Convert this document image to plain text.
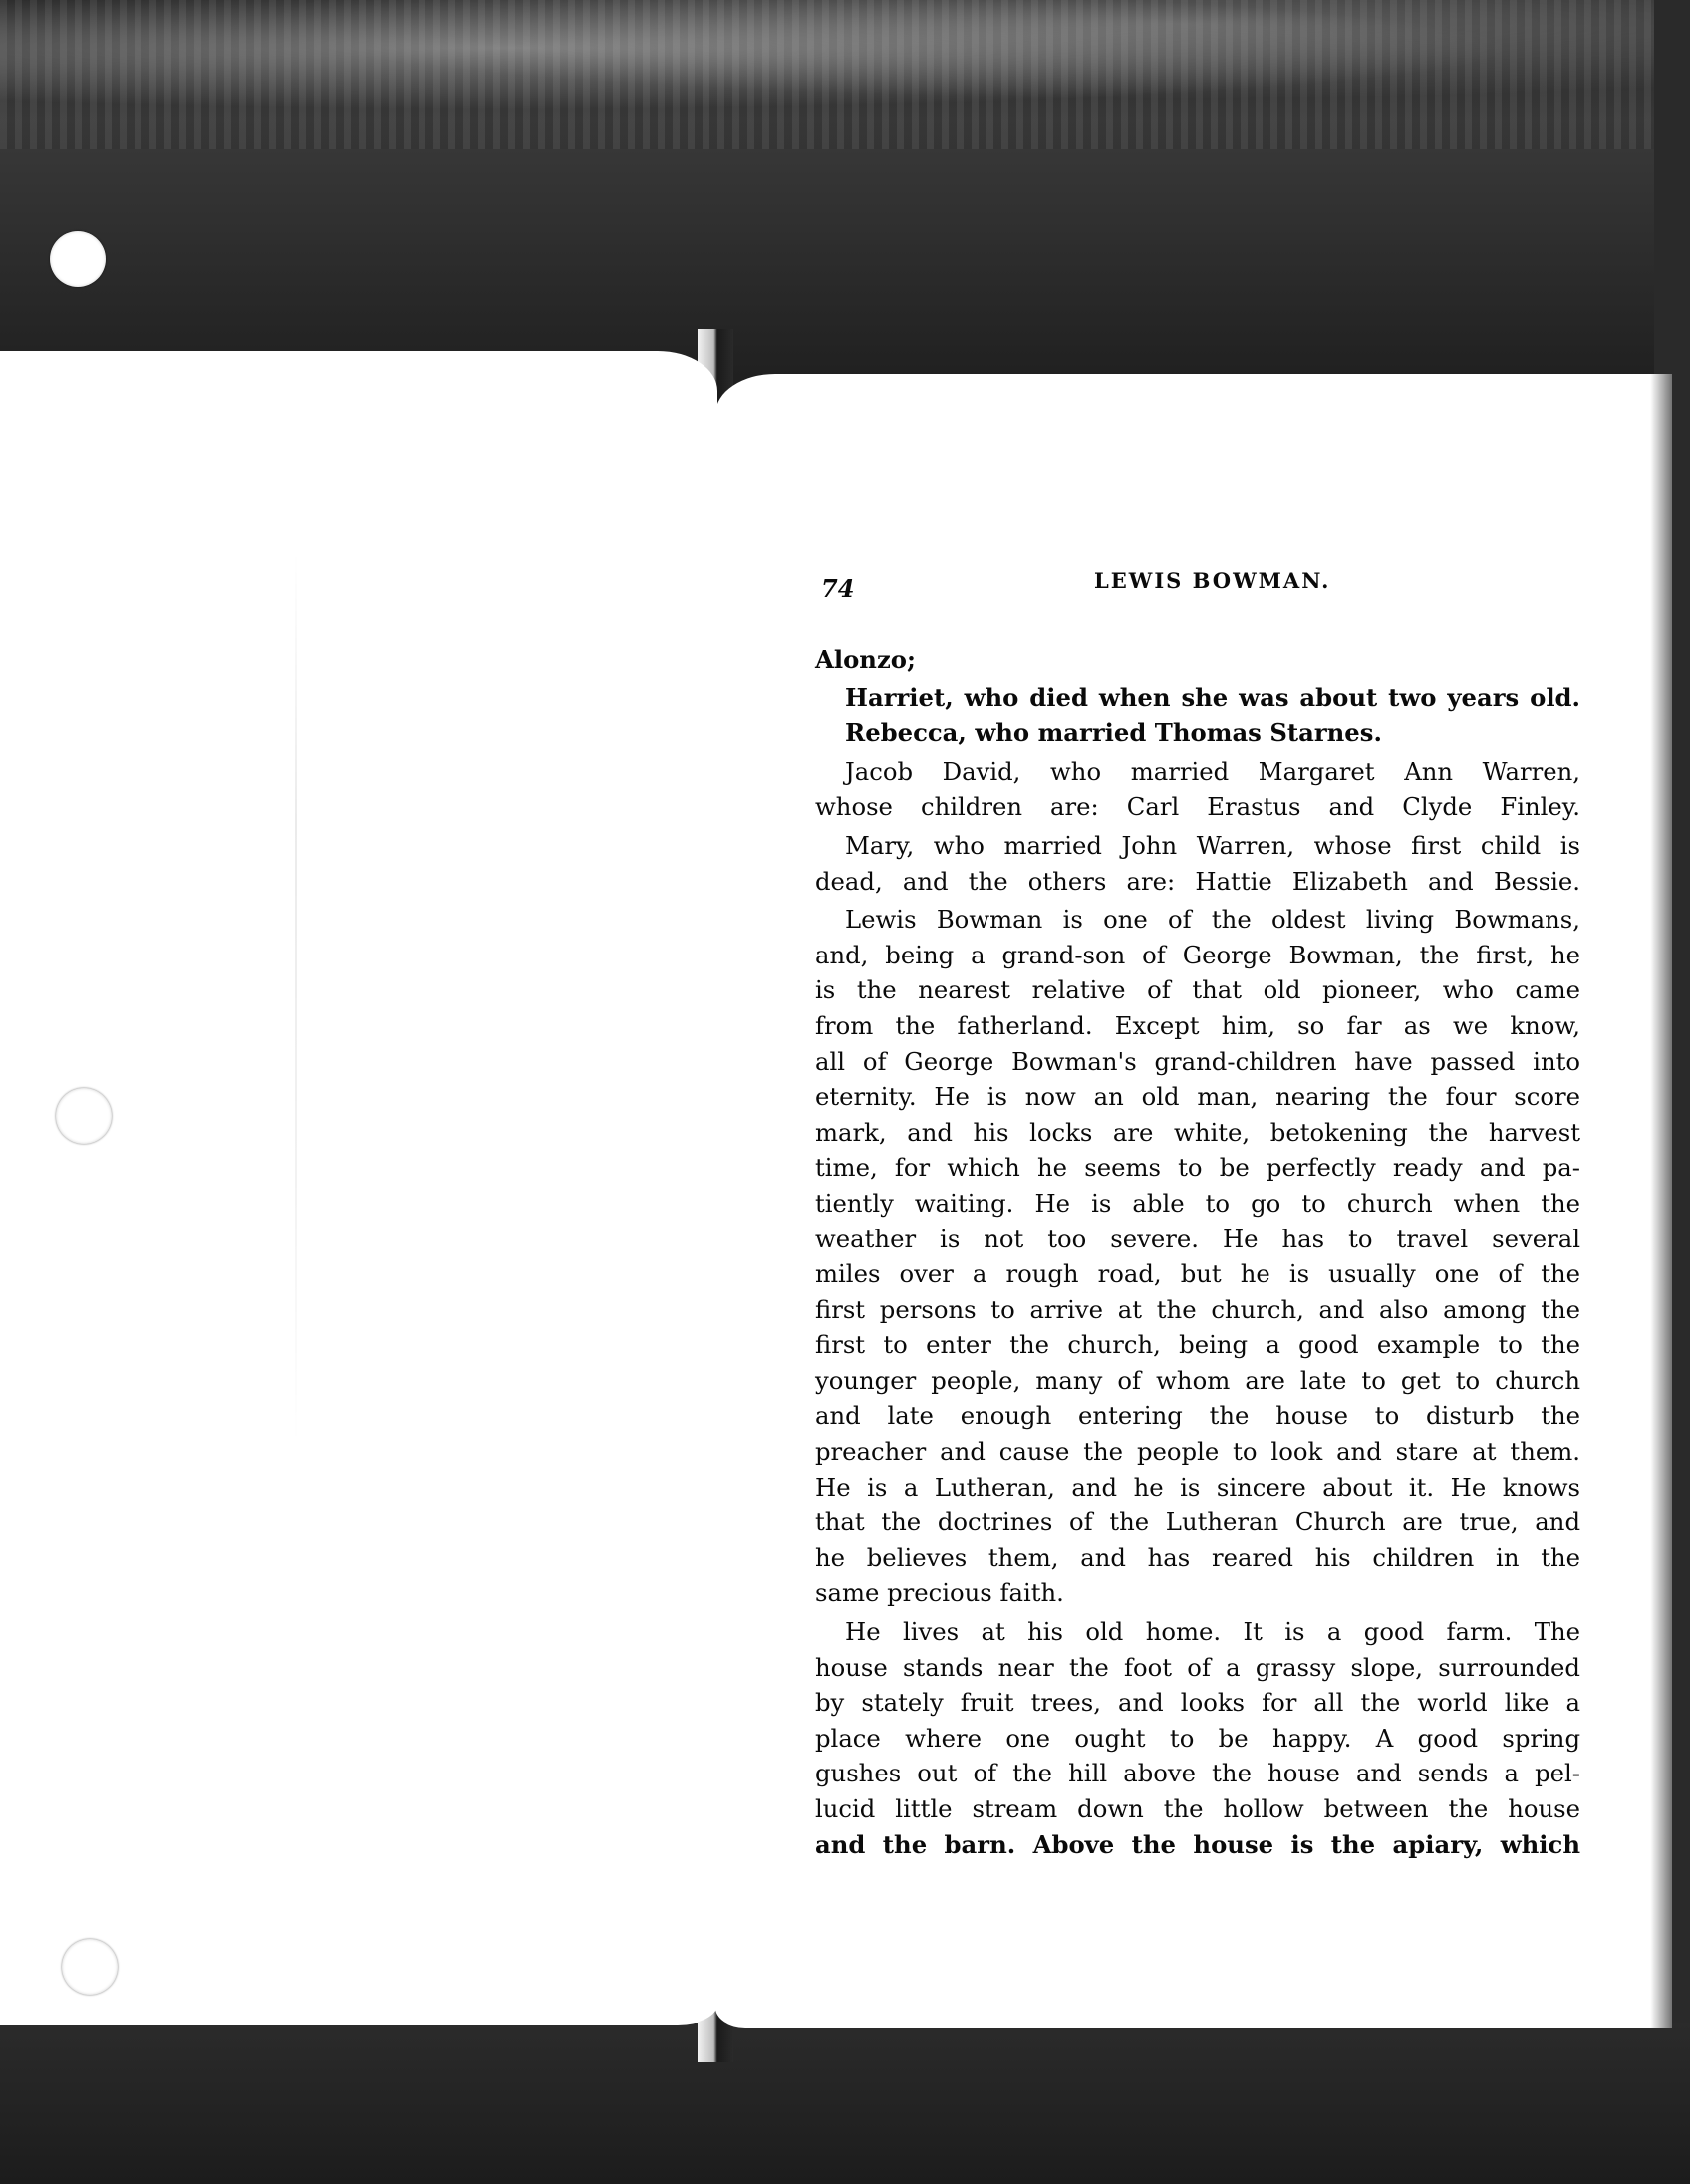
74	LEWIS BOWMAN.
Alonzo;
Harriet, who died when she was about two years old.
Rebecca, who married Thomas Starnes.
Jacob David, who married Margaret Ann Warren,
whose children are: Carl Erastus and Clyde Finley.
Mary, who married John Warren, whose first child is
dead, and the others are: Hattie Elizabeth and Bessie.
Lewis Bowman is one of the oldest living Bowmans,
and, being a grand-son of George Bowman, the first, he
is the nearest relative of that old pioneer, who came
from the fatherland. Except him, so far as we know,
all of George Bowman's grand-children have passed into
eternity. He is now an old man, nearing the four score
mark, and his locks are white, betokening the harvest
time, for which he seems to be perfectly ready and pa-
tiently waiting. He is able to go to church when the
weather is not too severe. He has to travel several
miles over a rough road, but he is usually one of the
first persons to arrive at the church, and also among the
first to enter the church, being a good example to the
younger people, many of whom are late to get to church
and late enough entering the house to disturb the
preacher and cause the people to look and stare at them.
He is a Lutheran, and he is sincere about it. He knows
that the doctrines of the Lutheran Church are true, and
he believes them, and has reared his children in the
same precious faith.
He lives at his old home. It is a good farm. The
house stands near the foot of a grassy slope, surrounded
by stately fruit trees, and looks for all the world like a
place where one ought to be happy. A good spring
gushes out of the hill above the house and sends a pel-
lucid little stream down the hollow between the house
and the barn. Above the house is the apiary, which
